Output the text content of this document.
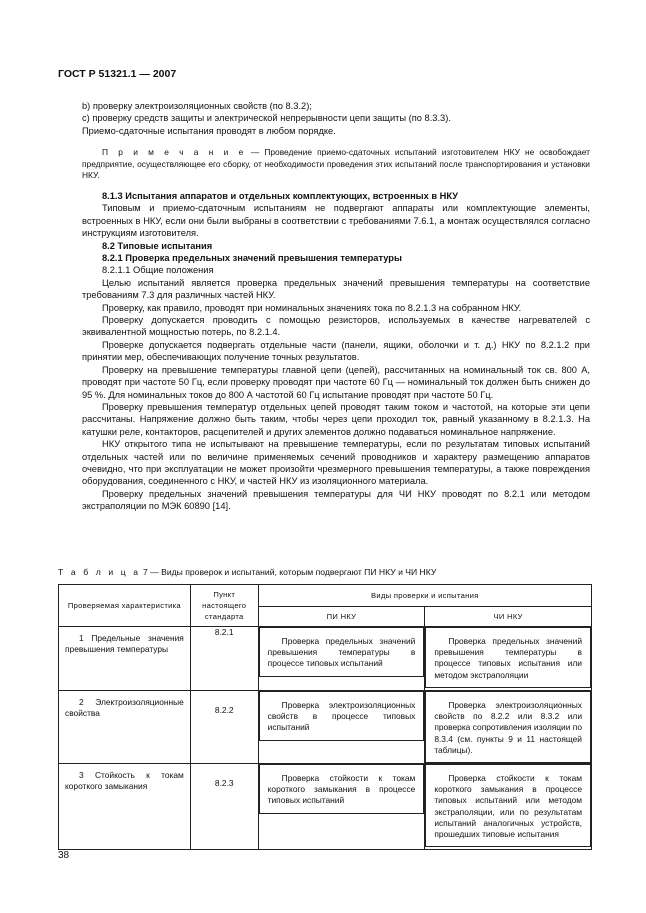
ГОСТ Р 51321.1 — 2007

b) проверку электроизоляционных свойств (по 8.3.2);

c) проверку средств защиты и электрической непрерывности цепи защиты (по 8.3.3).

Приемо-сдаточные испытания проводят в любом порядке.

П р и м е ч а н и е — Проведение приемо-сдаточных испытаний изготовителем НКУ не освобождает предприятие, осуществляющее его сборку, от необходимости проведения этих испытаний после транспортирования и установки НКУ.

8.1.3 Испытания аппаратов и отдельных комплектующих, встроенных в НКУ

Типовым и приемо-сдаточным испытаниям не подвергают аппараты или комплектующие элементы, встроенных в НКУ, если они были выбраны в соответствии с требованиями 7.6.1, а монтаж осуществлялся согласно инструкциям изготовителя.

8.2 Типовые испытания

8.2.1 Проверка предельных значений превышения температуры

8.2.1.1 Общие положения

Целью испытаний является проверка предельных значений превышения температуры на соответствие требованиям 7.3 для различных частей НКУ.

Проверку, как правило, проводят при номинальных значениях тока по 8.2.1.3 на собранном НКУ.

Проверку допускается проводить с помощью резисторов, используемых в качестве нагревателей с эквивалентной мощностью потерь, по 8.2.1.4.

Проверке допускается подвергать отдельные части (панели, ящики, оболочки и т. д.) НКУ по 8.2.1.2 при принятии мер, обеспечивающих получение точных результатов.

Проверку на превышение температуры главной цепи (цепей), рассчитанных на номинальный ток св. 800 А, проводят при частоте 50 Гц, если проверку проводят при частоте 60 Гц — номинальный ток должен быть снижен до 95 %. Для номинальных токов до 800 А частотой 60 Гц испытание проводят при частоте 50 Гц.

Проверку превышения температур отдельных цепей проводят таким током и частотой, на которые эти цепи рассчитаны. Напряжение должно быть таким, чтобы через цепи проходил ток, равный указанному в 8.2.1.3. На катушки реле, контакторов, расцепителей и других элементов должно подаваться номинальное напряжение.

НКУ открытого типа не испытывают на превышение температуры, если по результатам типовых испытаний отдельных частей или по величине применяемых сечений проводников и характеру размещению аппаратов очевидно, что при эксплуатации не может произойти чрезмерного превышения температуры, а также повреждения оборудования, соединенного с НКУ, и частей НКУ из изоляционного материала.

Проверку предельных значений превышения температуры для ЧИ НКУ проводят по 8.2.1 или методом экстраполяции по МЭК 60890 [14].

Т а б л и ц а 7 — Виды проверок и испытаний, которым подвергают ПИ НКУ и ЧИ НКУ
Проверяемая характеристика	Пункт настоящего стандарта	Виды проверки и испытания	
		ПИ НКУ	ЧИ НКУ

1 Предельные значения превышения температуры	8.2.1	Проверка предельных значений превышения температуры в процессе типовых испытаний	Проверка предельных значений превышения температуры в процессе типовых испытания или методом экстраполяции

2 Электроизоляционные свойства	8.2.2	Проверка электроизоляционных свойств в процессе типовых испытаний	Проверка электроизоляционных свойств по 8.2.2 или 8.3.2 или проверка сопротивления изоляции по 8.3.4 (см. пункты 9 и 11 настоящей таблицы).

3 Стойкость к токам короткого замыкания	8.2.3	Проверка стойкости к токам короткого замыкания в процессе типовых испытаний	Проверка стойкости к токам короткого замыкания в процессе типовых испытаний или методом экстраполяции, или по результатам испытаний аналогичных устройств, прошедших типовые испытания
38
